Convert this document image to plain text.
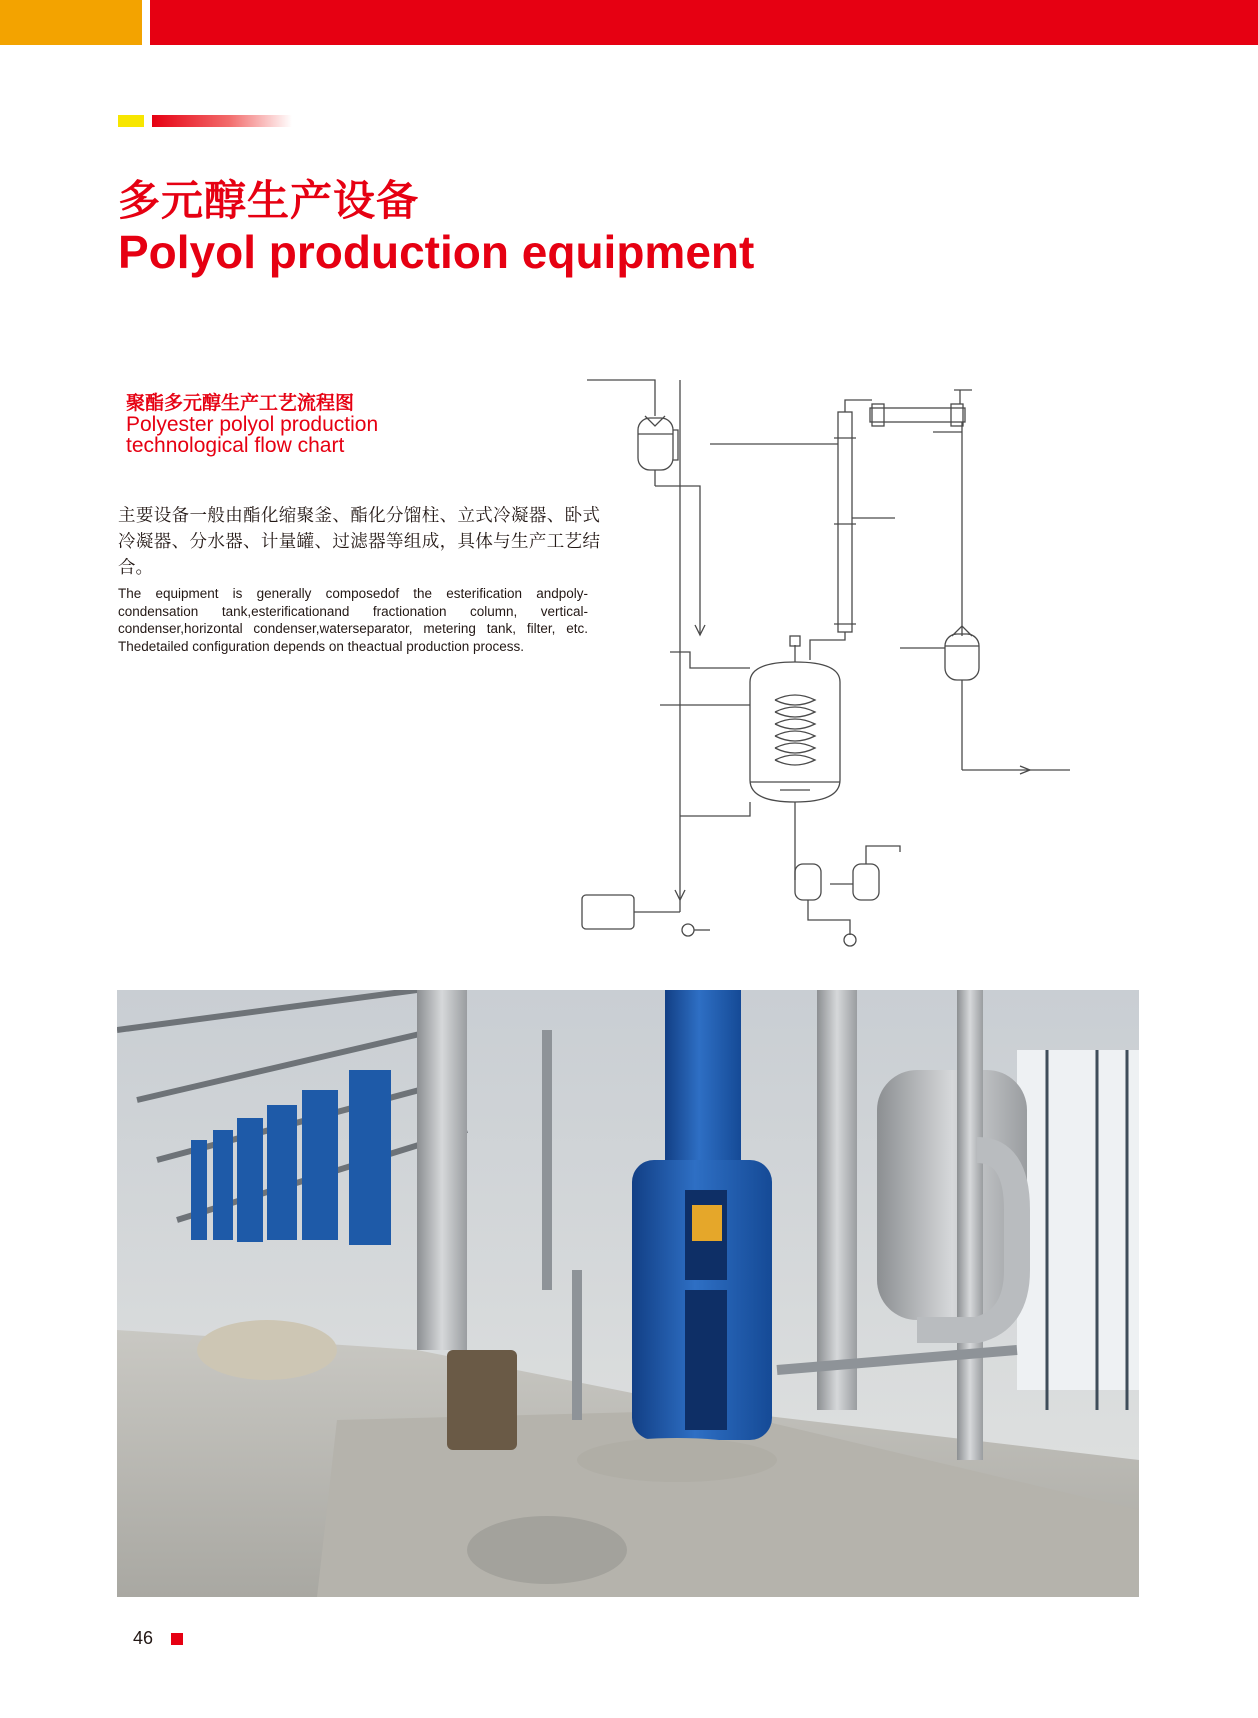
多元醇生产设备
Polyol production equipment
聚酯多元醇生产工艺流程图
Polyester polyol production technological flow chart
主要设备一般由酯化缩聚釜、酯化分馏柱、立式冷凝器、卧式冷凝器、分水器、计量罐、过滤器等组成，具体与生产工艺结合。
The equipment is generally composedof the esterification andpoly-condensation tank,esterificationand fractionation column, vertical-condenser,horizontal condenser,waterseparator, metering tank, filter, etc. Thedetailed configuration depends on theactual production process.
46
